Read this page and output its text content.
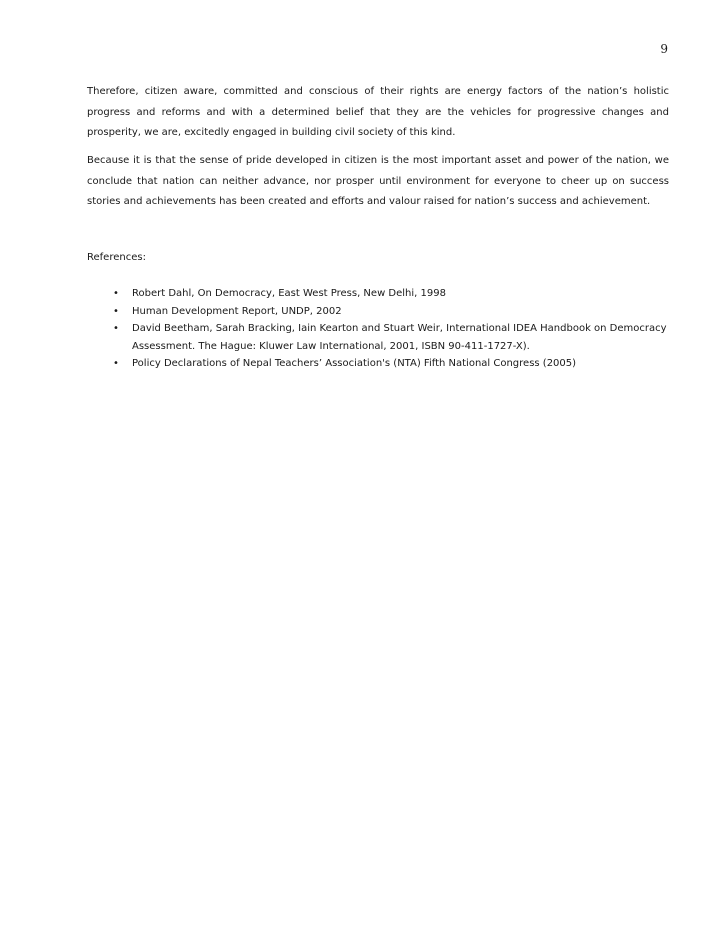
9

Therefore, citizen aware, committed and conscious of their rights are energy factors of the nation’s holistic progress and reforms and with a determined belief that they are the vehicles for progressive changes and prosperity, we are, excitedly engaged in building civil society of this kind.

Because it is that the sense of pride developed in citizen is the most important asset and power of the nation, we conclude that nation can neither advance, nor prosper until environment for everyone to cheer up on success stories and achievements has been created and efforts and valour raised for nation’s success and achievement.

References:

• Robert Dahl, On Democracy, East West Press, New Delhi, 1998
• Human Development Report, UNDP, 2002
• David Beetham, Sarah Bracking, Iain Kearton and Stuart Weir, International IDEA Handbook on Democracy Assessment. The Hague: Kluwer Law International, 2001, ISBN 90-411-1727-X).
• Policy Declarations of Nepal Teachers’ Association's (NTA) Fifth National Congress (2005)
